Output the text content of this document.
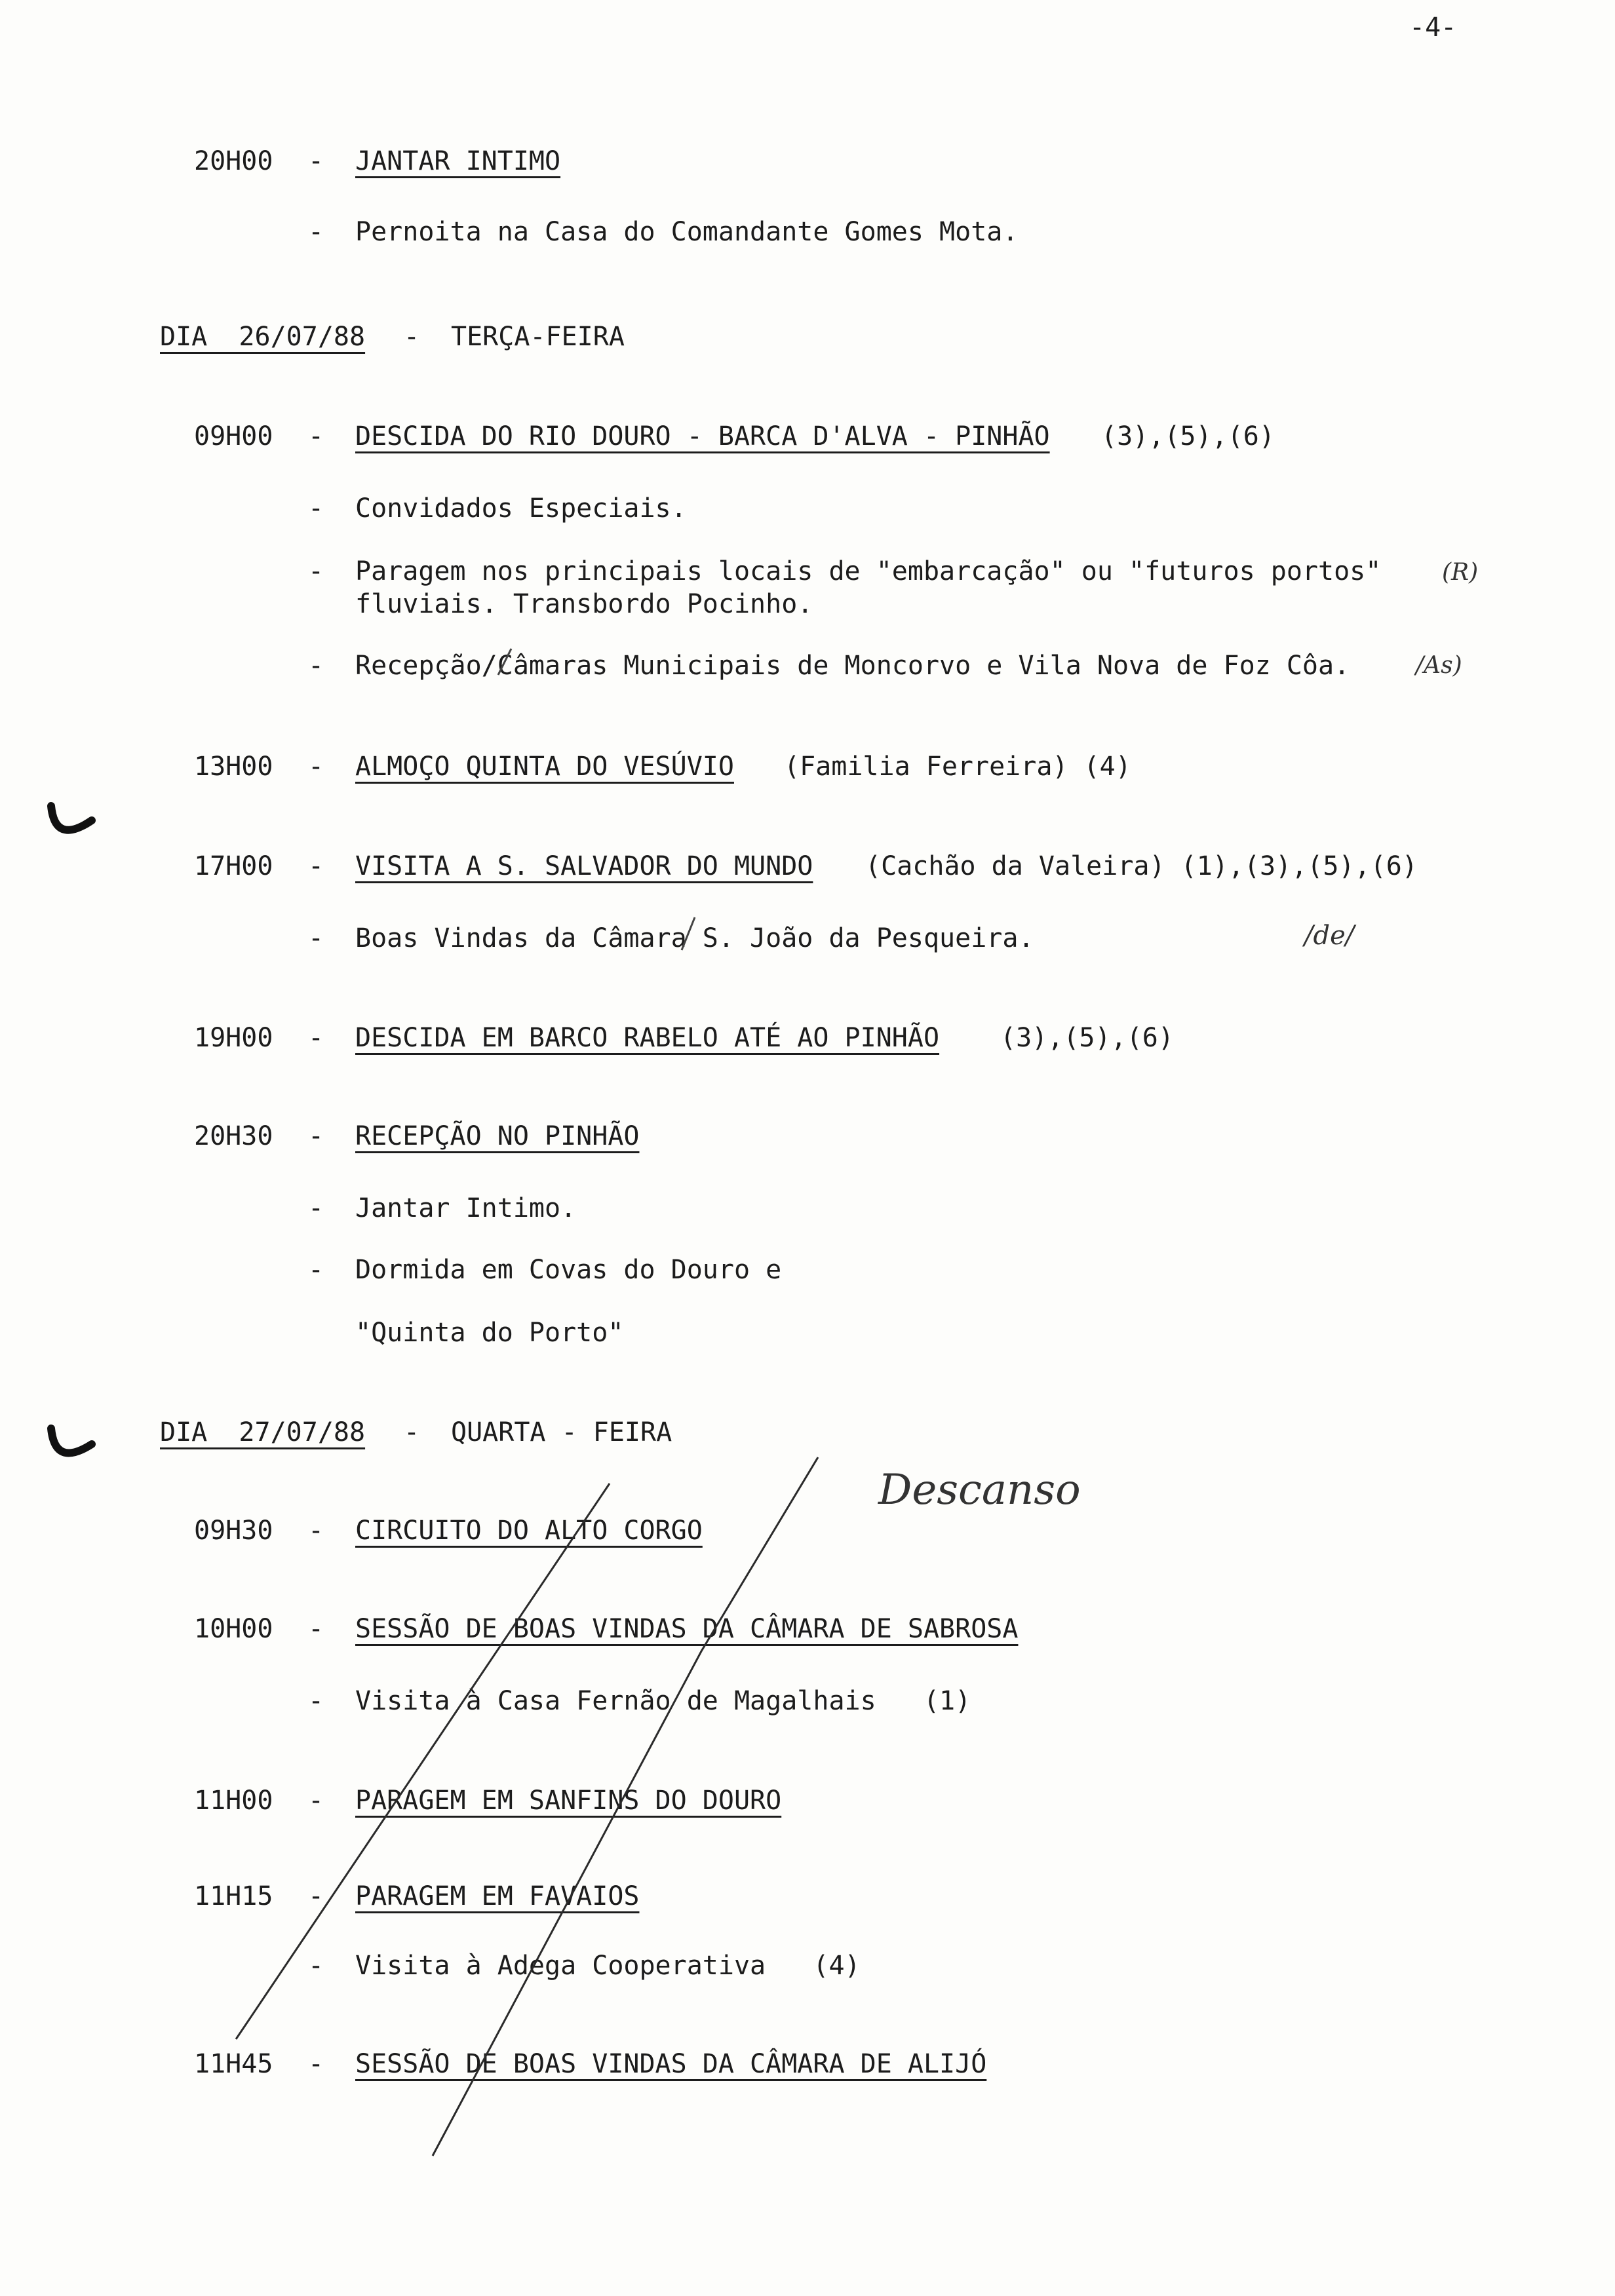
-4-
20H00 - JANTAR INTIMO
- Pernoita na Casa do Comandante Gomes Mota.
DIA  26/07/88 - TERÇA-FEIRA
09H00 - DESCIDA DO RIO DOURO - BARCA D'ALVA - PINHÃO (3),(5),(6)
- Convidados Especiais.
- Paragem nos principais locais de "embarcação" ou "futuros portos"
fluviais. Transbordo Pocinho.
- Recepção/Câmaras Municipais de Moncorvo e Vila Nova de Foz Côa.
(R)
/As)
13H00 - ALMOÇO QUINTA DO VESÚVIO (Familia Ferreira) (4)
17H00 - VISITA A S. SALVADOR DO MUNDO (Cachão da Valeira) (1),(3),(5),(6)
- Boas Vindas da Câmara S. João da Pesqueira.	/de/
19H00 - DESCIDA EM BARCO RABELO ATÉ AO PINHÃO (3),(5),(6)
20H30 - RECEPÇÃO NO PINHÃO
- Jantar Intimo.
- Dormida em Covas do Douro e
"Quinta do Porto"
DIA  27/07/88 - QUARTA - FEIRA
09H30 - CIRCUITO DO ALTO CORGO
Descanso
10H00 - SESSÃO DE BOAS VINDAS DA CÂMARA DE SABROSA
- Visita à Casa Fernão de Magalhais   (1)
11H00 - PARAGEM EM SANFINS DO DOURO
11H15 - PARAGEM EM FAVAIOS
- Visita à Adega Cooperativa   (4)
11H45 - SESSÃO DE BOAS VINDAS DA CÂMARA DE ALIJÓ
